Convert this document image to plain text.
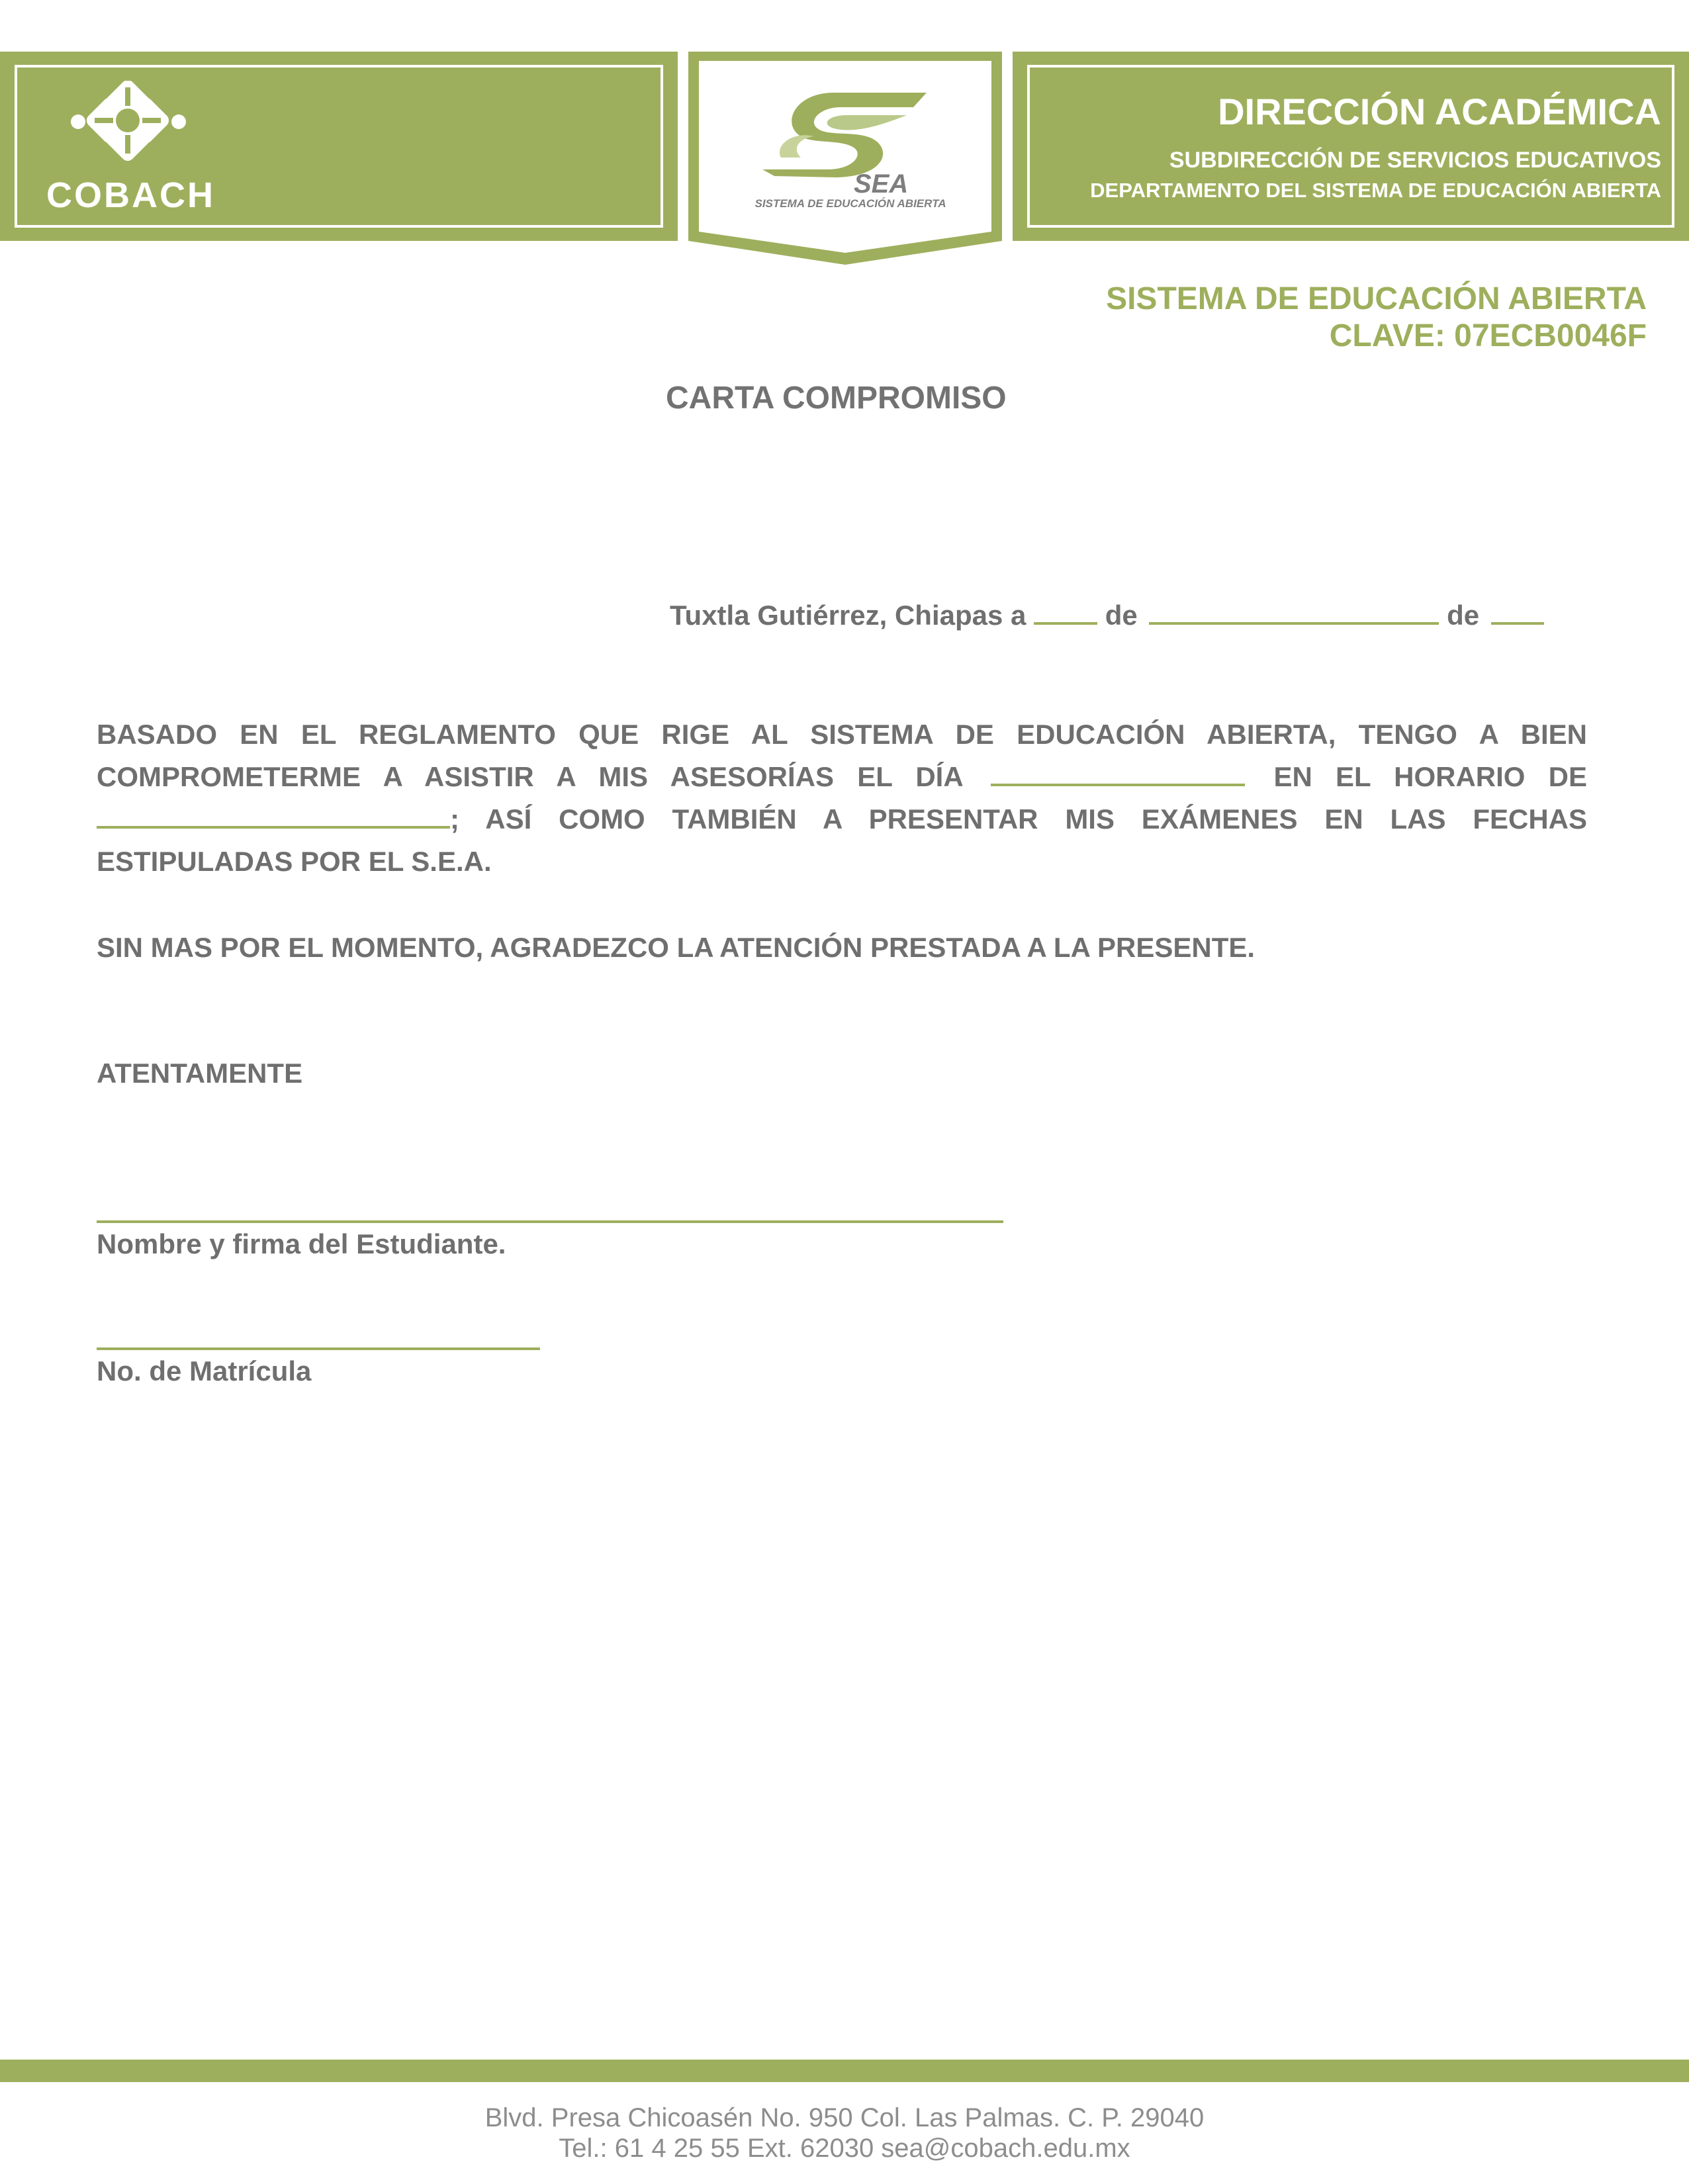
COBACH	SEA
SISTEMA DE EDUCACIÓN ABIERTA
DIRECCIÓN ACADÉMICA
SUBDIRECCIÓN DE SERVICIOS EDUCATIVOS
DEPARTAMENTO DEL SISTEMA DE EDUCACIÓN ABIERTA
SISTEMA DE EDUCACIÓN ABIERTA
CLAVE: 07ECB0046F
CARTA COMPROMISO
Tuxtla Gutiérrez, Chiapas a	de	de
BASADO EN EL REGLAMENTO QUE RIGE AL SISTEMA DE EDUCACIÓN ABIERTA, TENGO A BIEN COMPROMETERME A ASISTIR A MIS ASESORÍAS EL DÍA	EN EL HORARIO DE ; ASÍ COMO TAMBIÉN A PRESENTAR MIS EXÁMENES EN LAS FECHAS ESTIPULADAS POR EL S.E.A.
SIN MAS POR EL MOMENTO, AGRADEZCO LA ATENCIÓN PRESTADA A LA PRESENTE.
ATENTAMENTE
Nombre y firma del Estudiante.
No. de Matrícula
Blvd. Presa Chicoasén No. 950 Col. Las Palmas. C. P. 29040
Tel.: 61 4 25 55 Ext. 62030 sea@cobach.edu.mx
